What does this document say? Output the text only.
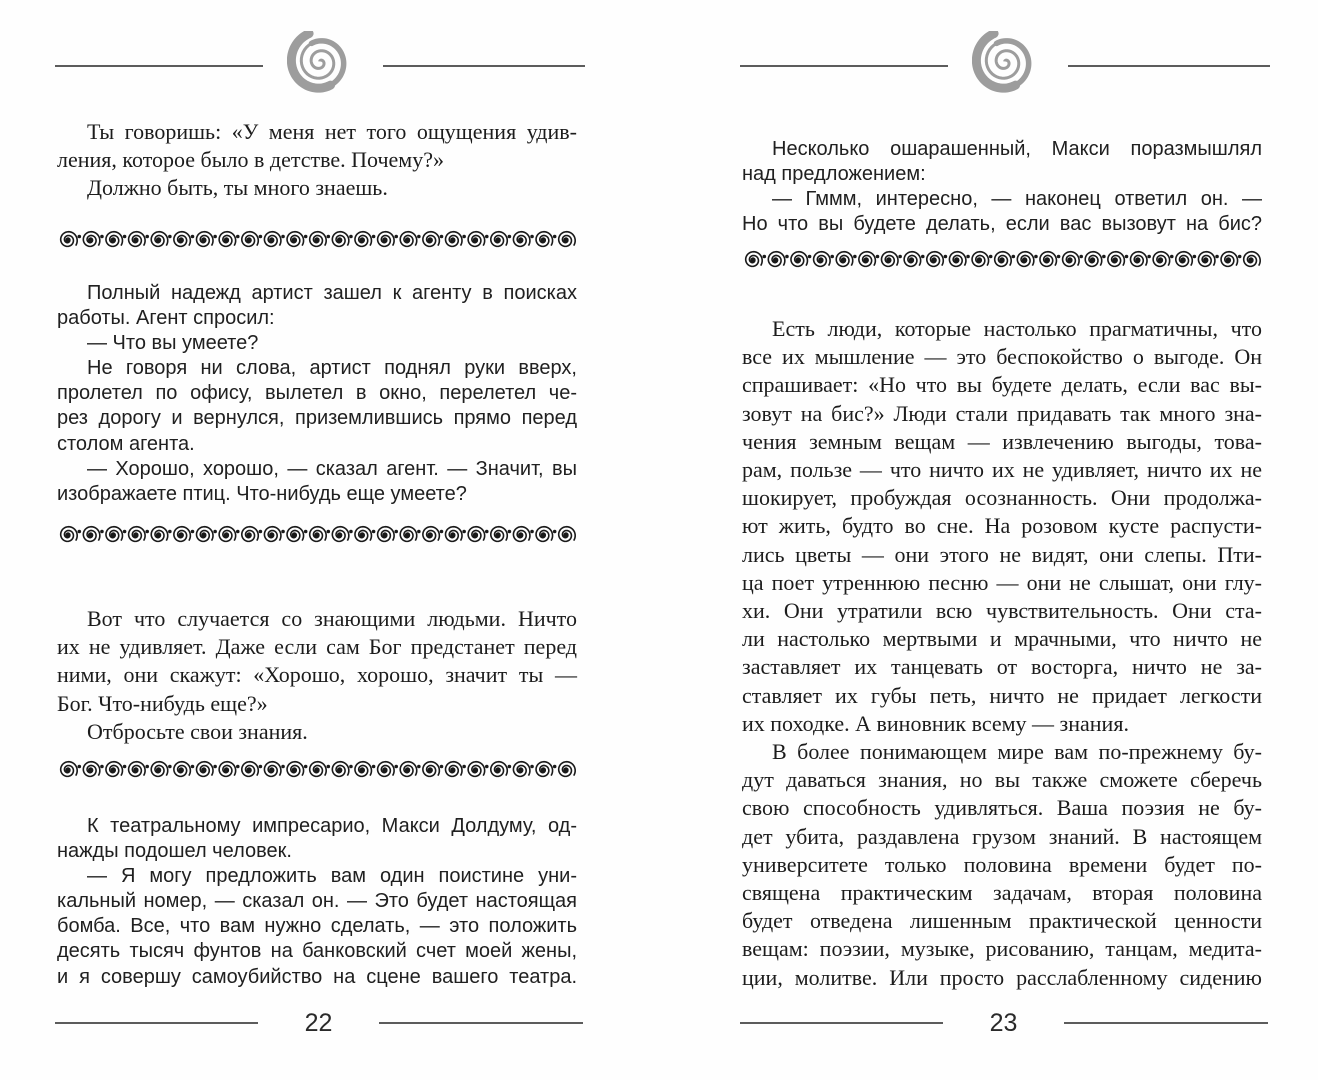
Ты говоришь: «У меня нет того ощущения удив-
ления, которое было в детстве. Почему?»
Должно быть, ты много знаешь.
Полный надежд артист зашел к агенту в поисках
работы. Агент спросил:
— Что вы умеете?
Не говоря ни слова, артист поднял руки вверх,
пролетел по офису, вылетел в окно, перелетел че-
рез дорогу и вернулся, приземлившись прямо перед
столом агента.
— Хорошо, хорошо, — сказал агент. — Значит, вы
изображаете птиц. Что-нибудь еще умеете?
Вот что случается со знающими людьми. Ничто
их не удивляет. Даже если сам Бог предстанет перед
ними, они скажут: «Хорошо, хорошо, значит ты —
Бог. Что-нибудь еще?»
Отбросьте свои знания.
К театральному импресарио, Макси Долдуму, од-
нажды подошел человек.
— Я могу предложить вам один поистине уни-
кальный номер, — сказал он. — Это будет настоящая
бомба. Все, что вам нужно сделать, — это положить
десять тысяч фунтов на банковский счет моей жены,
и я совершу самоубийство на сцене вашего театра.
22
Несколько ошарашенный, Макси поразмышлял
над предложением:
— Гммм, интересно, — наконец ответил он. —
Но что вы будете делать, если вас вызовут на бис?
Есть люди, которые настолько прагматичны, что
все их мышление — это беспокойство о выгоде. Он
спрашивает: «Но что вы будете делать, если вас вы-
зовут на бис?» Люди стали придавать так много зна-
чения земным вещам — извлечению выгоды, това-
рам, пользе — что ничто их не удивляет, ничто их не
шокирует, пробуждая осознанность. Они продолжа-
ют жить, будто во сне. На розовом кусте распусти-
лись цветы — они этого не видят, они слепы. Пти-
ца поет утреннюю песню — они не слышат, они глу-
хи. Они утратили всю чувствительность. Они ста-
ли настолько мертвыми и мрачными, что ничто не
заставляет их танцевать от восторга, ничто не за-
ставляет их губы петь, ничто не придает легкости
их походке. А виновник всему — знания.
В более понимающем мире вам по-прежнему бу-
дут даваться знания, но вы также сможете сберечь
свою способность удивляться. Ваша поэзия не бу-
дет убита, раздавлена грузом знаний. В настоящем
университете только половина времени будет по-
священа практическим задачам, вторая половина
будет отведена лишенным практической ценности
вещам: поэзии, музыке, рисованию, танцам, медита-
ции, молитве. Или просто расслабленному сидению
23
